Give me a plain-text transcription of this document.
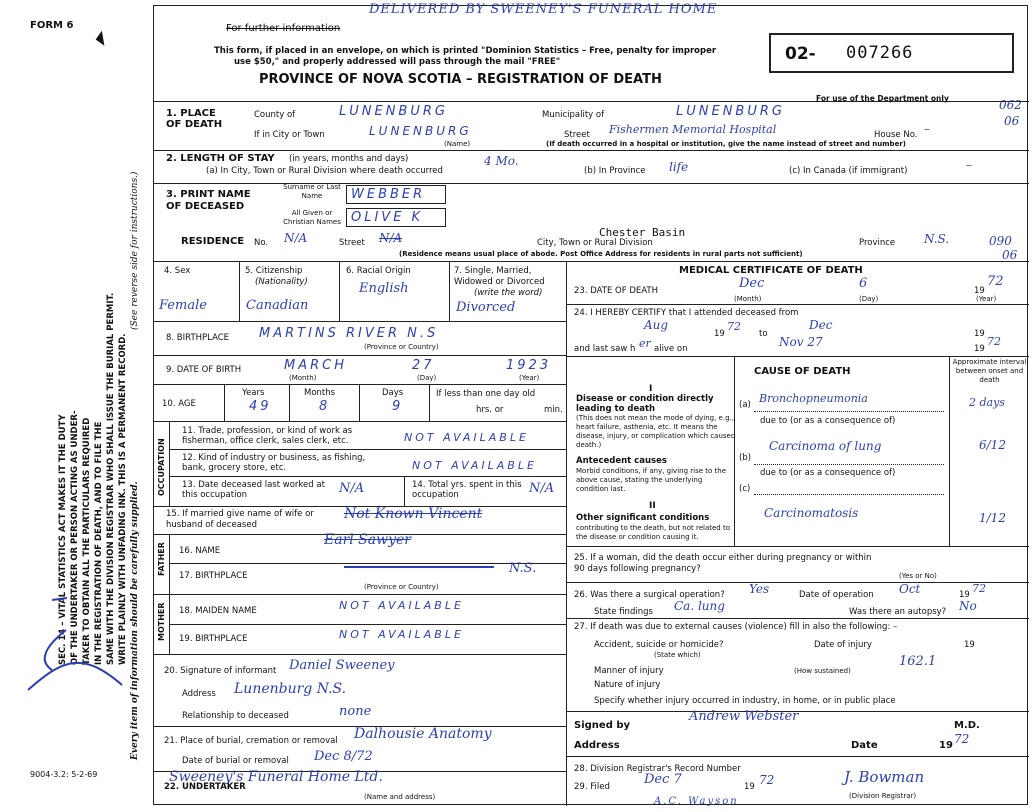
FORM 6
◣
SEC. 14 – VITAL STATISTICS ACT MAKES IT THE DUTY OF THE UNDERTAKER OR PERSON ACTING AS UNDER- TAKER TO OBTAIN ALL THE PARTICULARS REQUIRED IN THE REGISTRATION OF DEATH, AND TO FILE THE SAME WITH THE DIVISION REGISTRAR WHO SHALL ISSUE THE BURIAL PERMIT. WRITE PLAINLY WITH UNFADING INK. THIS IS A PERMANENT RECORD.
(See reverse side for instructions.)
Every item of information should be carefully supplied.
9004-3.2: 5-2-69
DELIVERED BY SWEENEY'S FUNERAL HOME
For further information
This form, if placed in an envelope, on which is printed "Dominion Statistics – Free, penalty for improper
use $50," and properly addressed will pass through the mail "FREE"
PROVINCE OF NOVA SCOTIA – REGISTRATION OF DEATH
02- 007266
For use of the Department only	062
06
090
06
1. PLACE OF DEATH
County of	LUNENBURG	Municipality of	LUNENBURG
If in City or Town	LUNENBURG	Street Fishermen Memorial Hospital	House No. –
(Name)	(If death occurred in a hospital or institution, give the name instead of street and number)
2. LENGTH OF STAY (in years, months and days)
(a) In City, Town or Rural Division where death occurred
4 Mo.
(b) In Province life	(c) In Canada (if immigrant)	–
3. PRINT NAME OF DECEASED
Surname or Last Name	WEBBER
All Given or Christian Names OLIVE K
RESIDENCE No. N/A	Street N/A	City, Town or Rural Division
Chester Basin
Province N.S.
(Residence means usual place of abode. Post Office Address for residents in rural parts not sufficient)
4. Sex
Female
5. Citizenship
(Nationality)
Canadian
6. Racial Origin
English
7. Single, Married, Widowed or Divorced
(write the word)
Divorced
8. BIRTHPLACE MARTINS RIVER N.S
(Province or Country)
9. DATE OF BIRTH	MARCH	27	1923
(Month)	(Day)	(Year)
10. AGE
Years
49
Months
8
Days
9
If less than one day old
hrs. or	min.
OCCUPATION
11. Trade, profession, or kind of work as fisherman, office clerk, sales clerk, etc.	NOT AVAILABLE
12. Kind of industry or business, as fishing, bank, grocery store, etc.	NOT AVAILABLE
13. Date deceased last worked at this occupation	N/A	14. Total yrs. spent in this occupation	N/A
15. If married give name of wife or husband of deceased
Not Known Vincent
FATHER 16. NAME
Earl Sawyer
17. BIRTHPLACE	N.S.
(Province or Country)
MOTHER 18. MAIDEN NAME	NOT AVAILABLE
19. BIRTHPLACE	NOT AVAILABLE
20. Signature of informant Daniel Sweeney
Address Lunenburg N.S.
Relationship to deceased	none
21. Place of burial, cremation or removal Dalhousie Anatomy
Date of burial or removal Dec 8/72
22. UNDERTAKER
Sweeney's Funeral Home Ltd.
(Name and address)
MEDICAL CERTIFICATE OF DEATH
23. DATE OF DEATH	Dec	6	19
72
(Month)	(Day)	(Year)
24. I HEREBY CERTIFY that I attended deceased from
Aug
19
72
to
Dec
19
and last saw h er alive on	Nov 27	19
72
CAUSE OF DEATH
Approximate interval between onset and death
I
Disease or condition directly leading to death
(This does not mean the mode of dying, e.g., heart failure, asthenia, etc. It means the disease, injury, or complication which caused death.)
(a) Bronchopneumonia	2 days
due to (or as a consequence of)
Antecedent causes
Morbid conditions, if any, giving rise to the above cause, stating the underlying condition last.
(b)
Carcinoma of lung	6/12
due to (or as a consequence of)
(c)
II
Other significant conditions
contributing to the death, but not related to the disease or condition causing it.
Carcinomatosis	1/12
25. If a woman, did the death occur either during pregnancy or within 90 days following pregnancy?
(Yes or No)
26. Was there a surgical operation? Yes	Date of operation Oct	19 72
State findings Ca. lung	Was there an autopsy? No
27. If death was due to external causes (violence) fill in also the following: –
Accident, suicide or homicide?	Date of injury	19
(State which)
Manner of injury
162.1
(How sustained)
Nature of injury
Specify whether injury occurred in industry, in home, or in public place
Signed by
Andrew Webster
M.D.
Address	Date	19 72
28. Division Registrar's Record Number
29. Filed	Dec 7	19 72	J. Bowman
(Division Registrar)
A.C. Wayson
